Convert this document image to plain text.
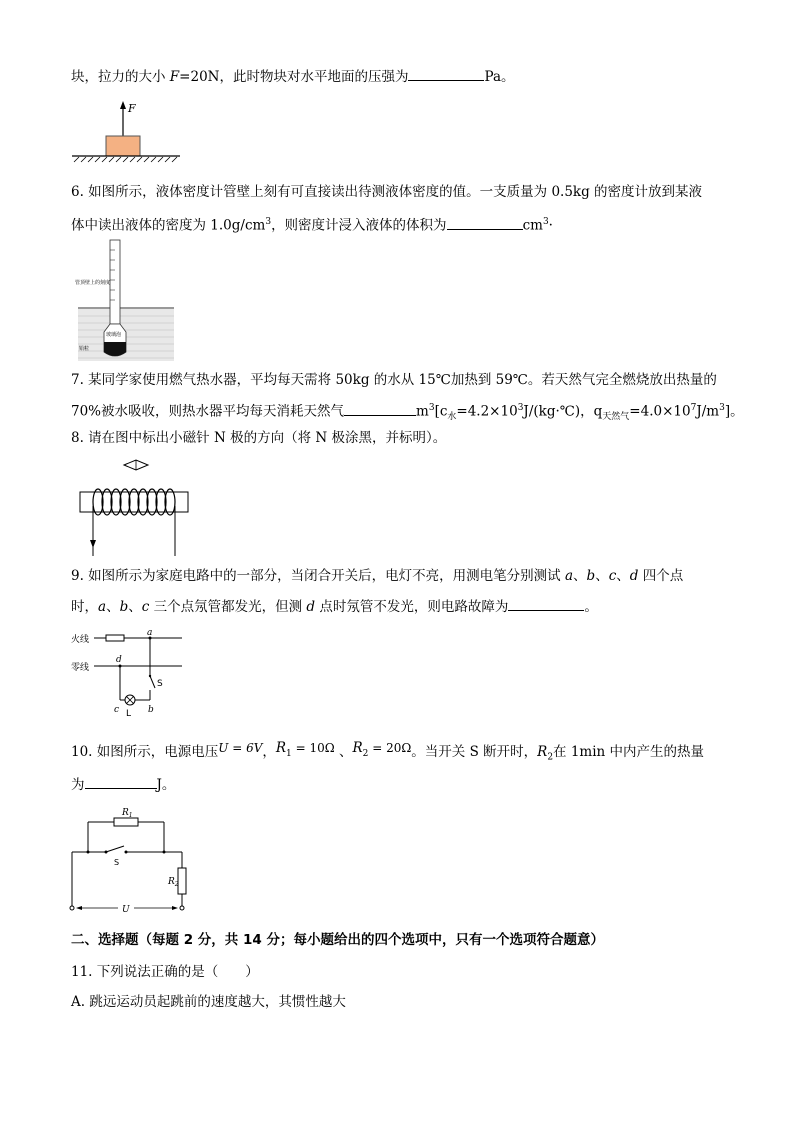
块，拉力的大小 F=20N，此时物块对水平地面的压强为	Pa。
F
6. 如图所示，液体密度计管壁上刻有可直接读出待测液体密度的值。一支质量为 0.5kg 的密度计放到某液
体中读出液体的密度为 $1.0g/cm^3$，则密度计浸入液体的体积为	$cm^3\cdot$
管顶壁上的刻度
玻璃泡
铅粒
7. 某同学家使用燃气热水器，平均每天需将 50kg 的水从 15℃加热到 59℃。若天然气完全燃烧放出热量的
70%被水吸收，则热水器平均每天消耗天然气	$m^3[c_水=4.2\times 10^3J/(kg\cdot℃)$，$q_{天然气}=4.0\times 10^7J/m^3$]。
8. 请在图中标出小磁针 N 极的方向（将 N 极涂黑，并标明）。
9. 如图所示为家庭电路中的一部分，当闭合开关后，电灯不亮，用测电笔分别测试 a、b、c、d 四个点
时，a、b、c 三个点氖管都发光，但测 d 点时氖管不发光，则电路故障为	。
火线
零线
a
d
c	b
S
L
10. 如图所示，电源电压U = 6V，$R_1 = 10\Omega$ 、$R_2 = 20\Omega$。当开关 S 断开时，$R_2$在 1min 中内产生的热量
为	J。
$R_1$
$R_2$
U
S
二、选择题（每题 2 分，共 14 分；每小题给出的四个选项中，只有一个选项符合题意）
11. 下列说法正确的是（　　）
A. 跳远运动员起跳前的速度越大，其惯性越大
